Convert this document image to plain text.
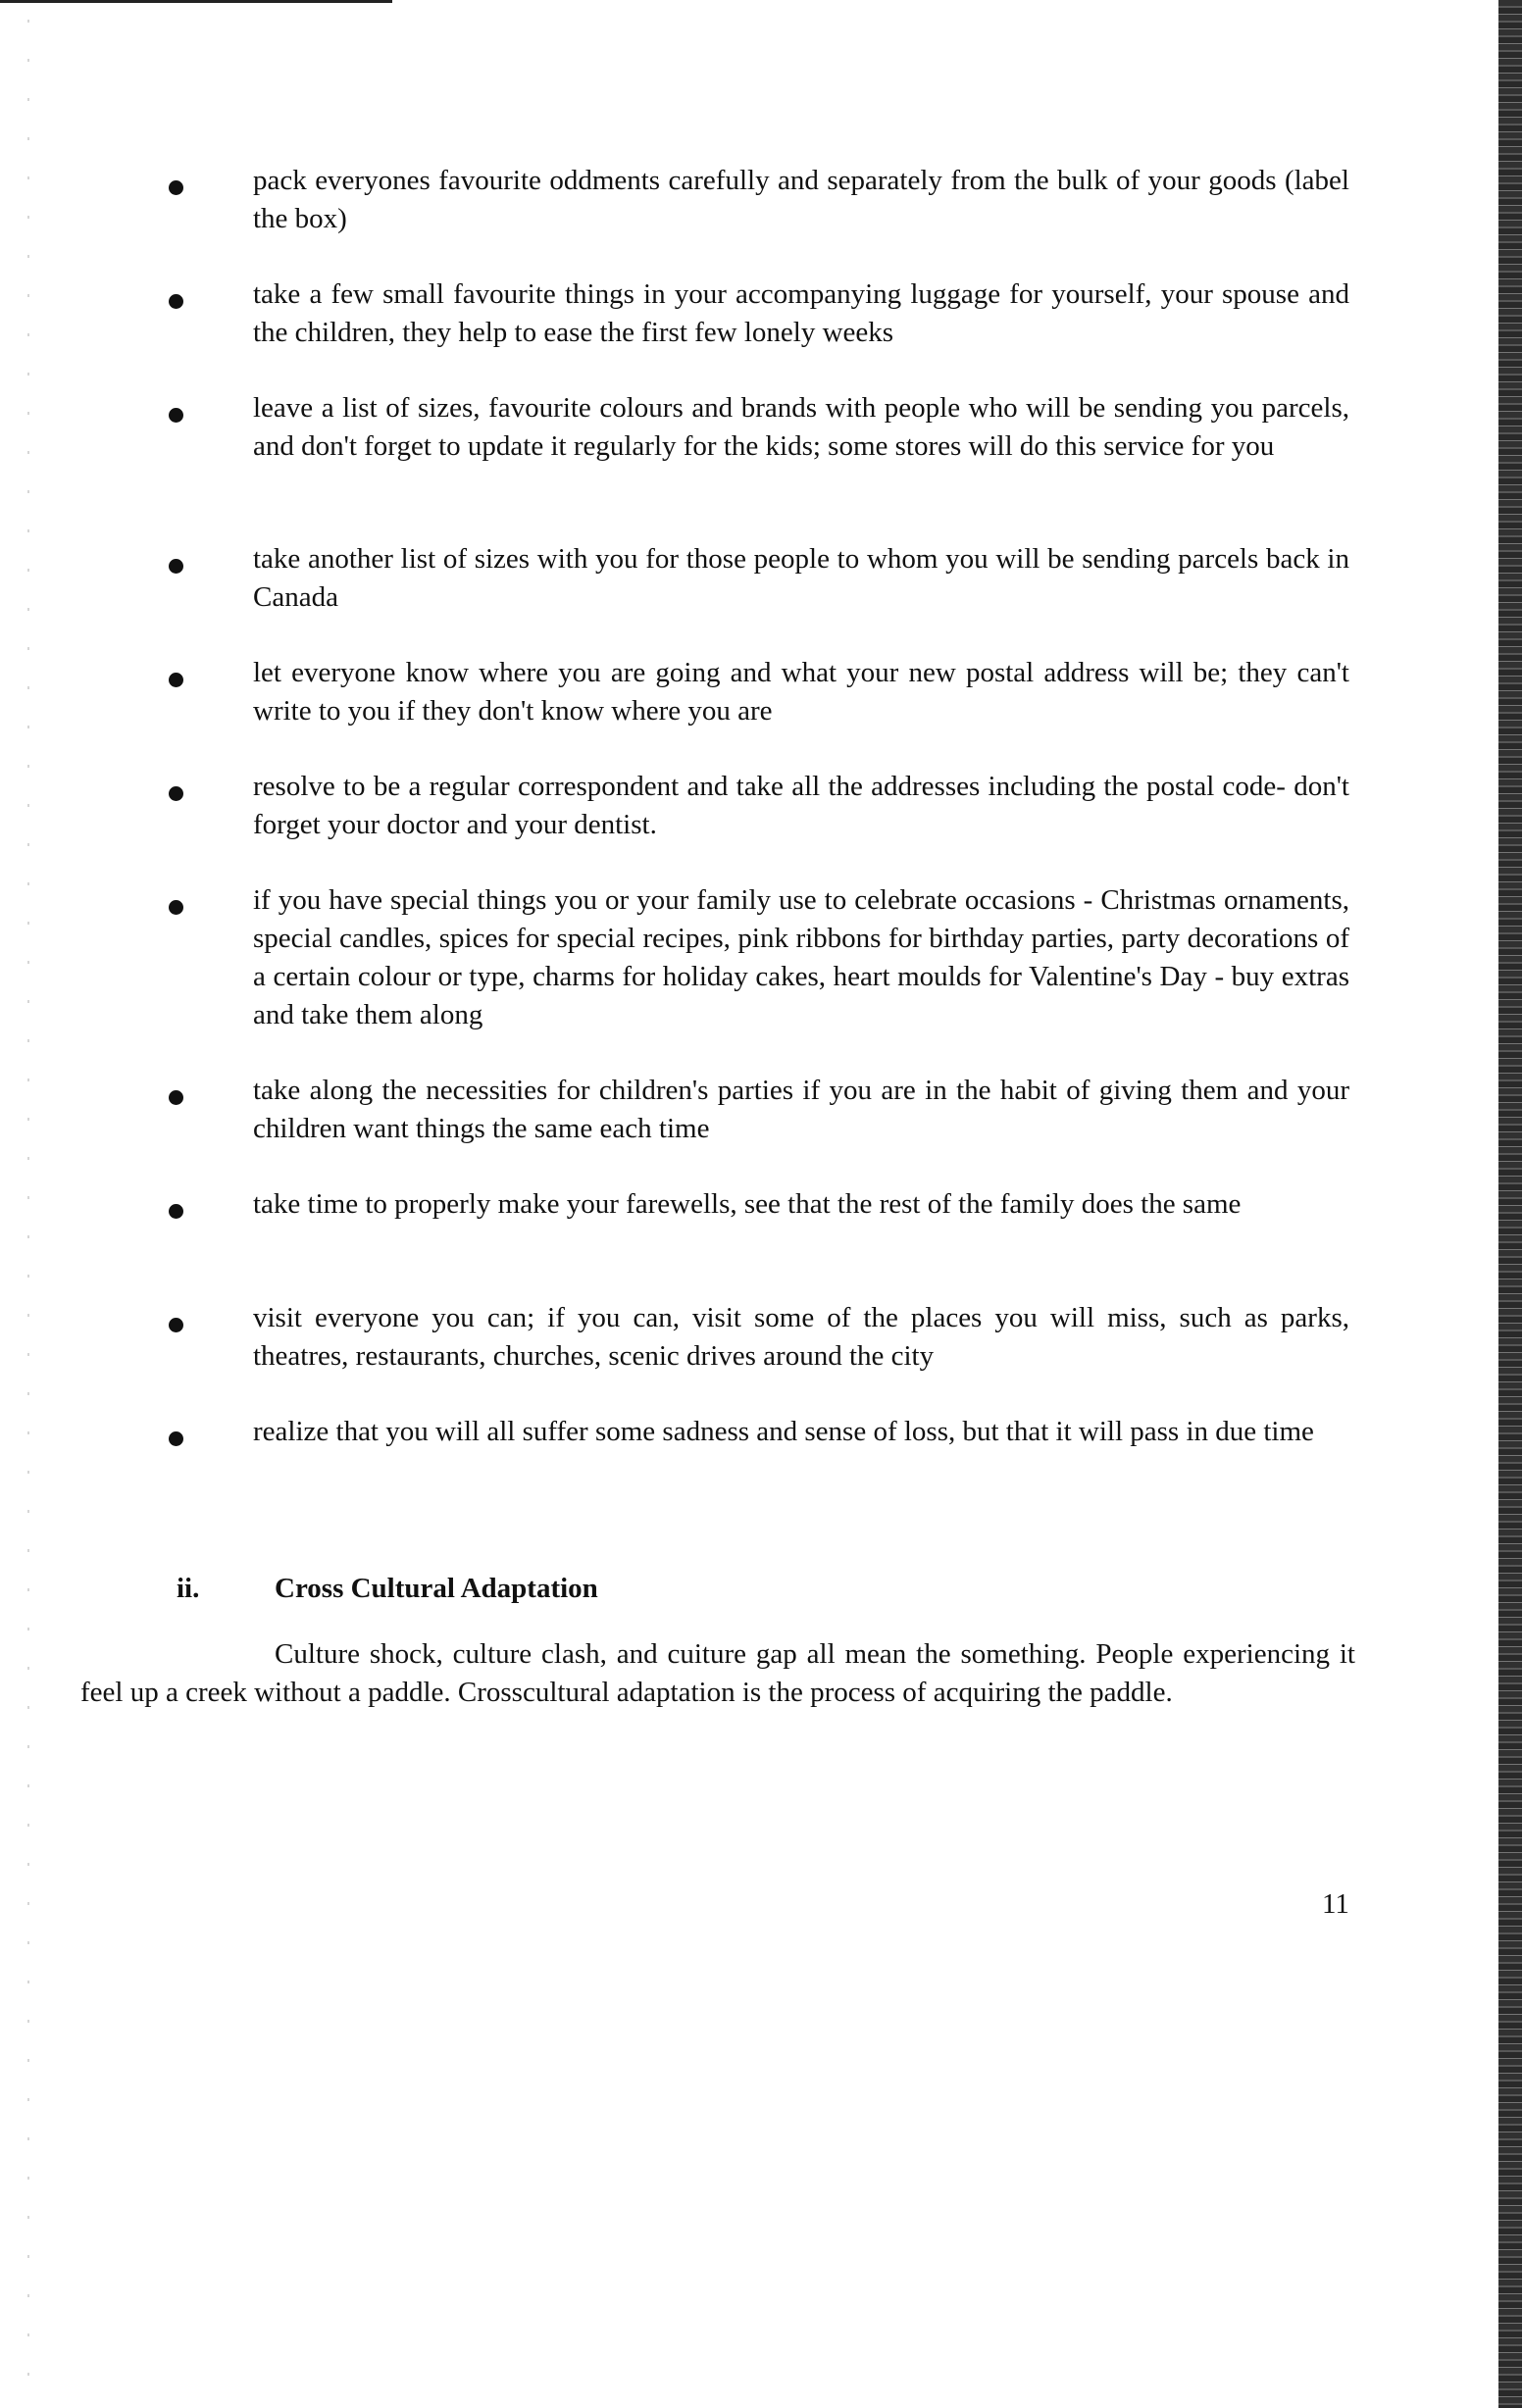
pack everyones favourite oddments carefully and separately from the bulk of your goods (label the box)
take a few small favourite things in your accompanying luggage for yourself, your spouse and the children, they help to ease the first few lonely weeks
leave a list of sizes, favourite colours and brands with people who will be sending you parcels, and don't forget to update it regularly for the kids; some stores will do this service for you
take another list of sizes with you for those people to whom you will be sending parcels back in Canada
let everyone know where you are going and what your new postal address will be; they can't write to you if they don't know where you are
resolve to be a regular correspondent and take all the addresses including the postal code- don't forget your doctor and your dentist.
if you have special things you or your family use to celebrate occasions - Christmas ornaments, special candles, spices for special recipes, pink ribbons for birthday parties, party decorations of a certain colour or type, charms for holiday cakes, heart moulds for Valentine's Day - buy extras and take them along
take along the necessities for children's parties if you are in the habit of giving them and your children want things the same each time
take time to properly make your farewells, see that the rest of the family does the same
visit everyone you can; if you can, visit some of the places you will miss, such as parks, theatres, restaurants, churches, scenic drives around the city
realize that you will all suffer some sadness and sense of loss, but that it will pass in due time
ii.	Cross Cultural Adaptation
Culture shock, culture clash, and cuiture gap all mean the something. People experiencing it feel up a creek without a paddle. Crosscultural adaptation is the process of acquiring the paddle.
11
